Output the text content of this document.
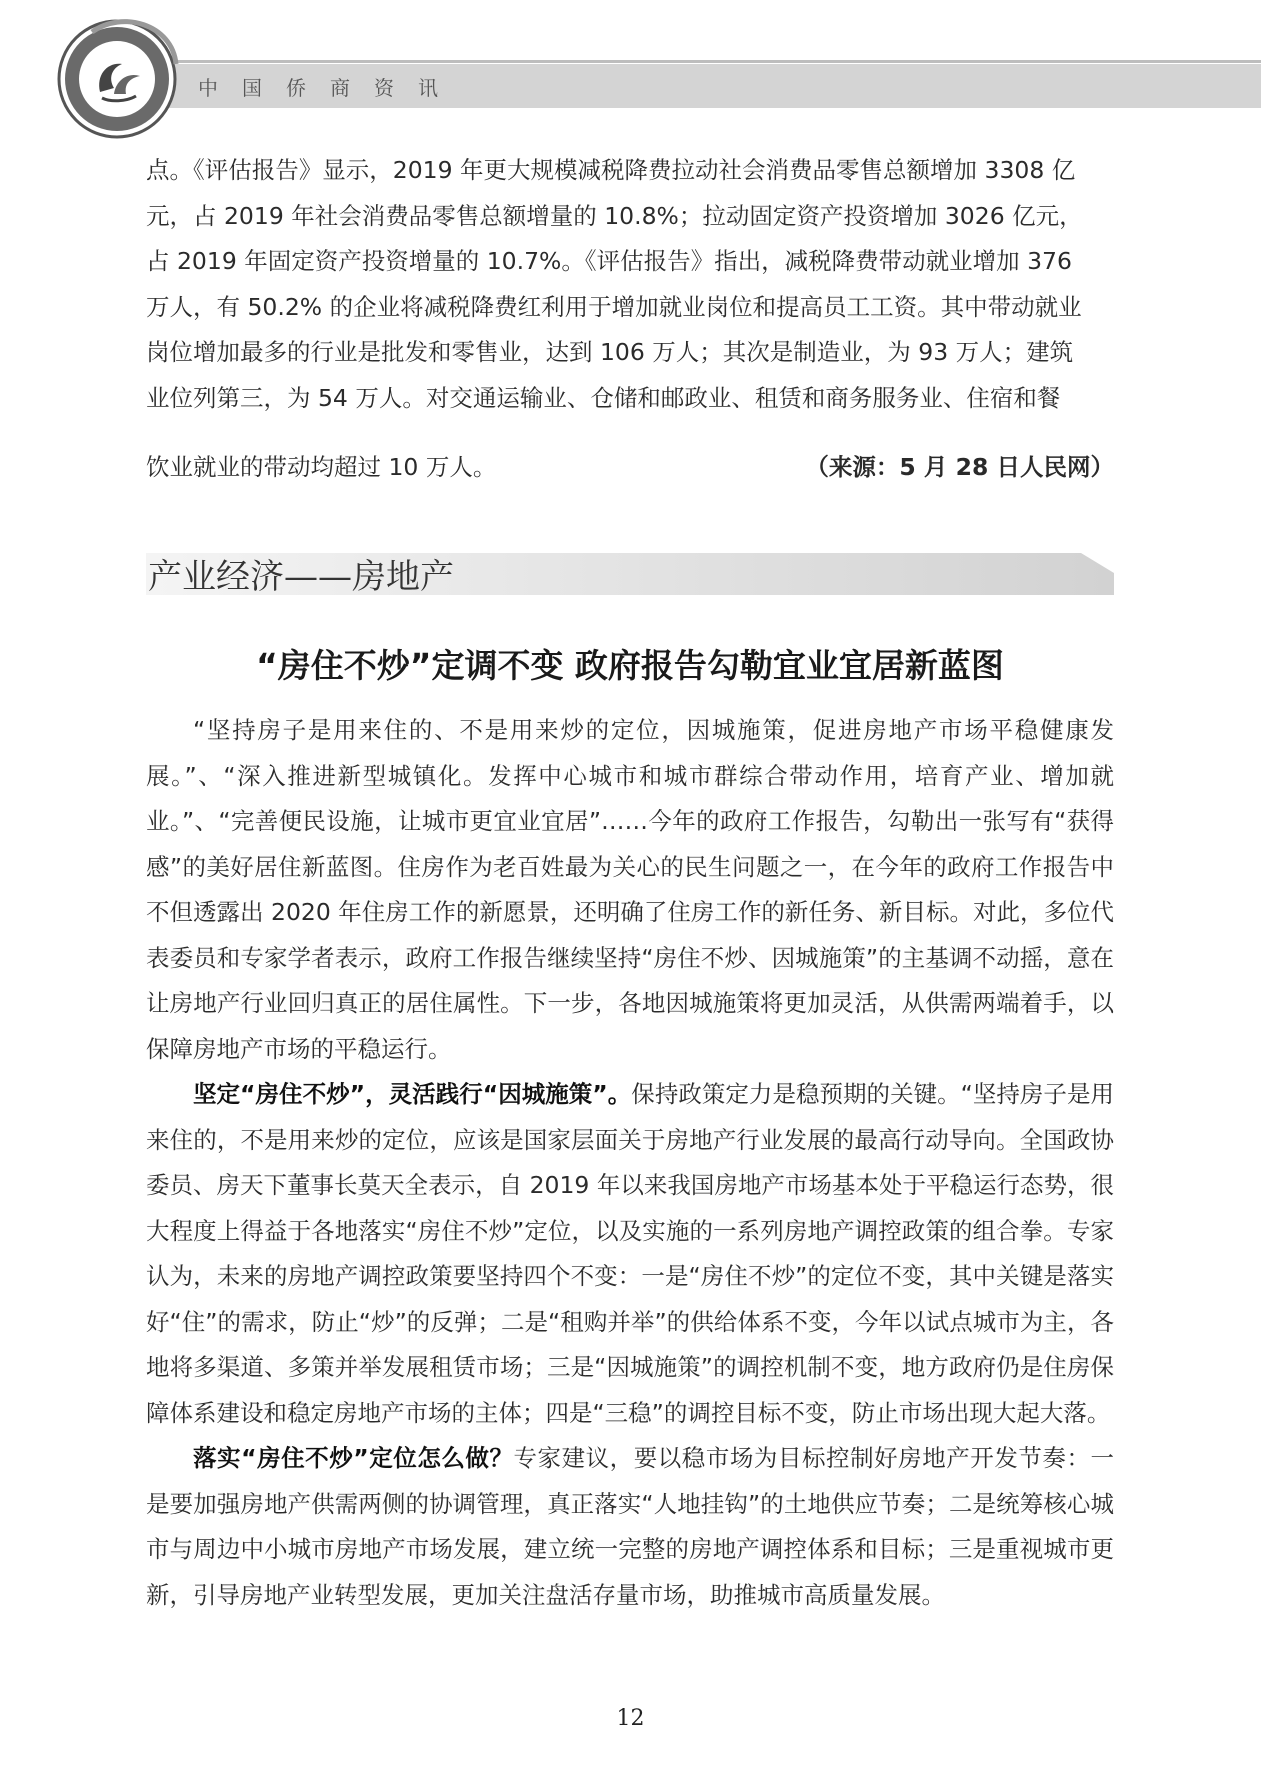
中国侨商资讯

点。《评估报告》显示，2019 年更大规模减税降费拉动社会消费品零售总额增加 3308 亿

元，占 2019 年社会消费品零售总额增量的 10.8%；拉动固定资产投资增加 3026 亿元，

占 2019 年固定资产投资增量的 10.7%。《评估报告》指出，减税降费带动就业增加 376

万人，有 50.2% 的企业将减税降费红利用于增加就业岗位和提高员工工资。其中带动就业

岗位增加最多的行业是批发和零售业，达到 106 万人；其次是制造业，为 93 万人；建筑

业位列第三，为 54 万人。对交通运输业、仓储和邮政业、租赁和商务服务业、住宿和餐

饮业就业的带动均超过 10 万人。	（来源：5 月 28 日人民网）
产业经济——房地产
“房住不炒”定调不变 政府报告勾勒宜业宜居新蓝图

“坚持房子是用来住的、不是用来炒的定位，因城施策，促进房地产市场平稳健康发展。”、“深入推进新型城镇化。发挥中心城市和城市群综合带动作用，培育产业、增加就业。”、“完善便民设施，让城市更宜业宜居”……今年的政府工作报告，勾勒出一张写有“获得感”的美好居住新蓝图。住房作为老百姓最为关心的民生问题之一，在今年的政府工作报告中不但透露出 2020 年住房工作的新愿景，还明确了住房工作的新任务、新目标。对此，多位代表委员和专家学者表示，政府工作报告继续坚持“房住不炒、因城施策”的主基调不动摇，意在让房地产行业回归真正的居住属性。下一步，各地因城施策将更加灵活，从供需两端着手，以保障房地产市场的平稳运行。

坚定“房住不炒”，灵活践行“因城施策”。保持政策定力是稳预期的关键。“坚持房子是用来住的，不是用来炒的定位，应该是国家层面关于房地产行业发展的最高行动导向。全国政协委员、房天下董事长莫天全表示，自 2019 年以来我国房地产市场基本处于平稳运行态势，很大程度上得益于各地落实“房住不炒”定位，以及实施的一系列房地产调控政策的组合拳。专家认为，未来的房地产调控政策要坚持四个不变：一是“房住不炒”的定位不变，其中关键是落实好“住”的需求，防止“炒”的反弹；二是“租购并举”的供给体系不变，今年以试点城市为主，各地将多渠道、多策并举发展租赁市场；三是“因城施策”的调控机制不变，地方政府仍是住房保障体系建设和稳定房地产市场的主体；四是“三稳”的调控目标不变，防止市场出现大起大落。

落实“房住不炒”定位怎么做？专家建议，要以稳市场为目标控制好房地产开发节奏：一是要加强房地产供需两侧的协调管理，真正落实“人地挂钩”的土地供应节奏；二是统筹核心城市与周边中小城市房地产市场发展，建立统一完整的房地产调控体系和目标；三是重视城市更新，引导房地产业转型发展，更加关注盘活存量市场，助推城市高质量发展。

12
